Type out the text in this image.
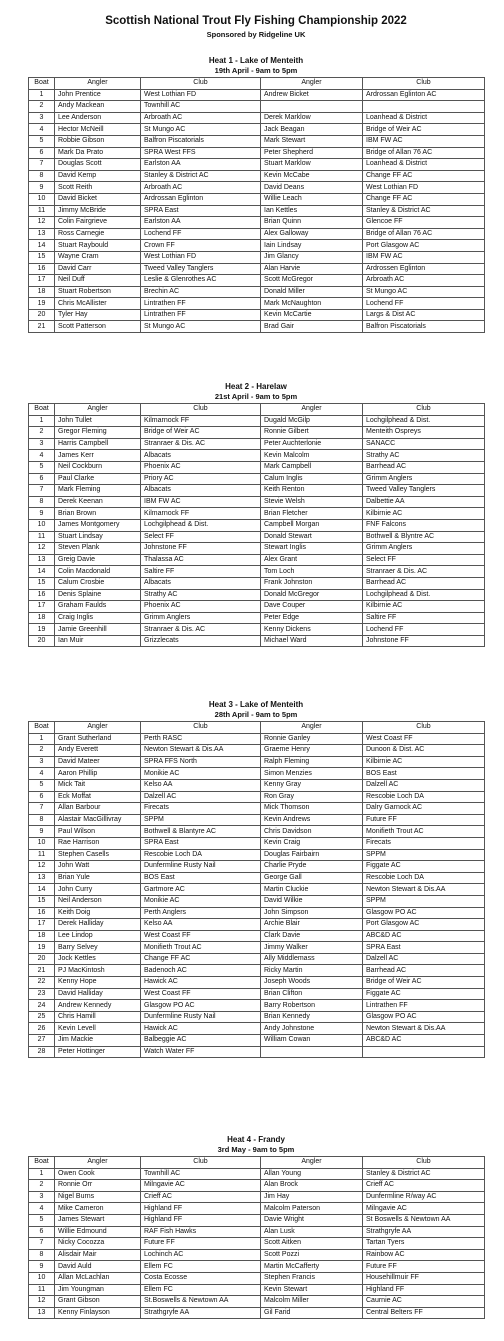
Scottish National Trout Fly Fishing Championship 2022
Sponsored by Ridgeline UK
Heat 1 - Lake of Menteith
19th April - 9am to 5pm
Boat	Angler	Club	Angler	Club
1	John Prentice	West Lothian FD	Andrew Bicket	Ardrossan Eglinton AC
2	Andy Mackean	Townhill AC		
3	Lee Anderson	Arbroath AC	Derek Marklow	Loanhead & District
4	Hector McNeill	St Mungo AC	Jack Beagan	Bridge of Weir AC
5	Robbie Gibson	Balfron Piscatorials	Mark Stewart	IBM FW AC
6	Mark Da Prato	SPRA West FFS	Peter Shepherd	Bridge of Allan 76 AC
7	Douglas Scott	Earlston AA	Stuart Marklow	Loanhead & District
8	David Kemp	Stanley & District AC	Kevin McCabe	Change FF AC
9	Scott Reith	Arbroath AC	David Deans	West Lothian FD
10	David Bicket	Ardrossan Eglinton	Willie Leach	Change FF AC
11	Jimmy McBride	SPRA East	Ian Kettles	Stanley & District AC
12	Colin Fairgrieve	Earlston AA	Brian Quinn	Glencoe FF
13	Ross Carnegie	Lochend FF	Alex Galloway	Bridge of Allan 76 AC
14	Stuart Raybould	Crown FF	Iain Lindsay	Port Glasgow AC
15	Wayne Cram	West Lothian FD	Jim Glancy	IBM FW AC
16	David Carr	Tweed Valley Tanglers	Alan Harvie	Ardrossen Eglinton
17	Neil Duff	Leslie & Glenrothes AC	Scott McGregor	Arbroath AC
18	Stuart Robertson	Brechin AC	Donald Miller	St Mungo AC
19	Chris McAllister	Lintrathen FF	Mark McNaughton	Lochend FF
20	Tyler Hay	Lintrathen FF	Kevin McCartie	Largs & Dist AC
21	Scott Patterson	St Mungo AC	Brad Gair	Balfron Piscatorials
Heat 2 - Harelaw
21st April - 9am to 5pm
Boat	Angler	Club	Angler	Club
1	John Tullet	Kilmarnock FF	Dugald McGilp	Lochgilphead & Dist.
2	Gregor Fleming	Bridge of Weir AC	Ronnie Gilbert	Menteith Ospreys
3	Harris Campbell	Stranraer & Dis. AC	Peter Auchterlonie	SANACC
4	James Kerr	Albacats	Kevin Malcolm	Strathy AC
5	Neil Cockburn	Phoenix AC	Mark Campbell	Barrhead AC
6	Paul Clarke	Priory AC	Calum Inglis	Grimm Anglers
7	Mark Fleming	Albacats	Keith Renton	Tweed Valley Tanglers
8	Derek Keenan	IBM FW AC	Stevie Welsh	Dalbettie AA
9	Brian Brown	Kilmarnock FF	Brian Fletcher	Kilbirnie AC
10	James Montgomery	Lochgilphead & Dist.	Campbell Morgan	FNF Falcons
11	Stuart Lindsay	Select FF	Donald Stewart	Bothwell & Blyntre AC
12	Steven Plank	Johnstone FF	Stewart Inglis	Grimm Anglers
13	Greig Davie	Thalassa AC	Alex Grant	Select FF
14	Colin Macdonald	Saltire FF	Tom Loch	Stranraer & Dis. AC
15	Calum Crosbie	Albacats	Frank Johnston	Barrhead AC
16	Denis Splaine	Strathy AC	Donald McGregor	Lochgilphead & Dist.
17	Graham Faulds	Phoenix AC	Dave Couper	Kilbirnie AC
18	Craig Inglis	Grimm Anglers	Peter Edge	Saltire FF
19	Jamie Greenhill	Stranraer & Dis. AC	Kenny Dickens	Lochend FF
20	Ian Muir	Grizzlecats	Michael Ward	Johnstone FF
Heat 3 - Lake of Menteith
28th April - 9am to 5pm
Boat	Angler	Club	Angler	Club
1	Grant Sutherland	Perth RASC	Ronnie Ganley	West Coast FF
2	Andy Everett	Newton Stewart & Dis.AA	Graeme Henry	Dunoon & Dist. AC
3	David Mateer	SPRA FFS North	Ralph Fleming	Kilbirnie AC
4	Aaron Phillip	Monikie AC	Simon Menzies	BOS East
5	Mick Tait	Kelso AA	Kenny Gray	Dalzell AC
6	Eck Moffat	Dalzell AC	Ron Gray	Rescobie Loch DA
7	Allan Barbour	Firecats	Mick Thomson	Dalry Garnock AC
8	Alastair MacGillivray	SPPM	Kevin Andrews	Future FF
9	Paul Wilson	Bothwell & Blantyre AC	Chris Davidson	Monifieth Trout AC
10	Rae Harrison	SPRA East	Kevin Craig	Firecats
11	Stephen Casells	Rescobie Loch DA	Douglas Fairbairn	SPPM
12	John Watt	Dunfermline Rusty Nail	Charlie Pryde	Figgate AC
13	Brian Yule	BOS East	George Gall	Rescobie Loch DA
14	John Curry	Gartmore AC	Martin Cluckie	Newton Stewart & Dis.AA
15	Neil Anderson	Monikie AC	David Wilkie	SPPM
16	Keith Doig	Perth Anglers	John Simpson	Glasgow PO AC
17	Derek Halliday	Kelso AA	Archie Blair	Port Glasgow AC
18	Lee Lindop	West Coast FF	Clark Davie	ABC&D AC
19	Barry Selvey	Monifieth Trout AC	Jimmy Walker	SPRA East
20	Jock Kettles	Change FF AC	Ally Middlemass	Dalzell AC
21	PJ MacKintosh	Badenoch AC	Ricky Martin	Barrhead AC
22	Kenny Hope	Hawick AC	Joseph Woods	Bridge of Weir AC
23	David Halliday	West Coast FF	Brian Clifton	Figgate AC
24	Andrew Kennedy	Glasgow PO AC	Barry Robertson	Lintrathen FF
25	Chris Hamill	Dunfermline Rusty Nail	Brian Kennedy	Glasgow PO AC
26	Kevin Levell	Hawick AC	Andy Johnstone	Newton Stewart & Dis.AA
27	Jim Mackie	Balbeggie AC	William Cowan	ABC&D AC
28	Peter Hottinger	Watch Water FF		
Heat 4 - Frandy
3rd May - 9am to 5pm
Boat	Angler	Club	Angler	Club
1	Owen Cook	Townhill AC	Allan Young	Stanley & District AC
2	Ronnie Orr	Milngavie AC	Alan Brock	Crieff AC
3	Nigel Burns	Crieff AC	Jim Hay	Dunfermline R/way AC
4	Mike Cameron	Highland FF	Malcolm Paterson	Milngavie AC
5	James Stewart	Highland FF	Davie Wright	St Boswells & Newtown AA
6	Willie Edmound	RAF Fish Hawks	Alan Lusk	Strathgryfe AA
7	Nicky Cocozza	Future FF	Scott Aitken	Tartan Tyers
8	Alisdair Mair	Lochinch AC	Scott Pozzi	Rainbow AC
9	David Auld	Ellem FC	Martin McCafferty	Future FF
10	Allan McLachlan	Costa Ecosse	Stephen Francis	Househillmuir FF
11	Jim Youngman	Ellem FC	Kevin Stewart	Highland FF
12	Grant Gibson	St.Boswells & Newtown AA	Malcolm Miller	Caurnie AC
13	Kenny Finlayson	Strathgryfe AA	Gil Farid	Central Belters FF
